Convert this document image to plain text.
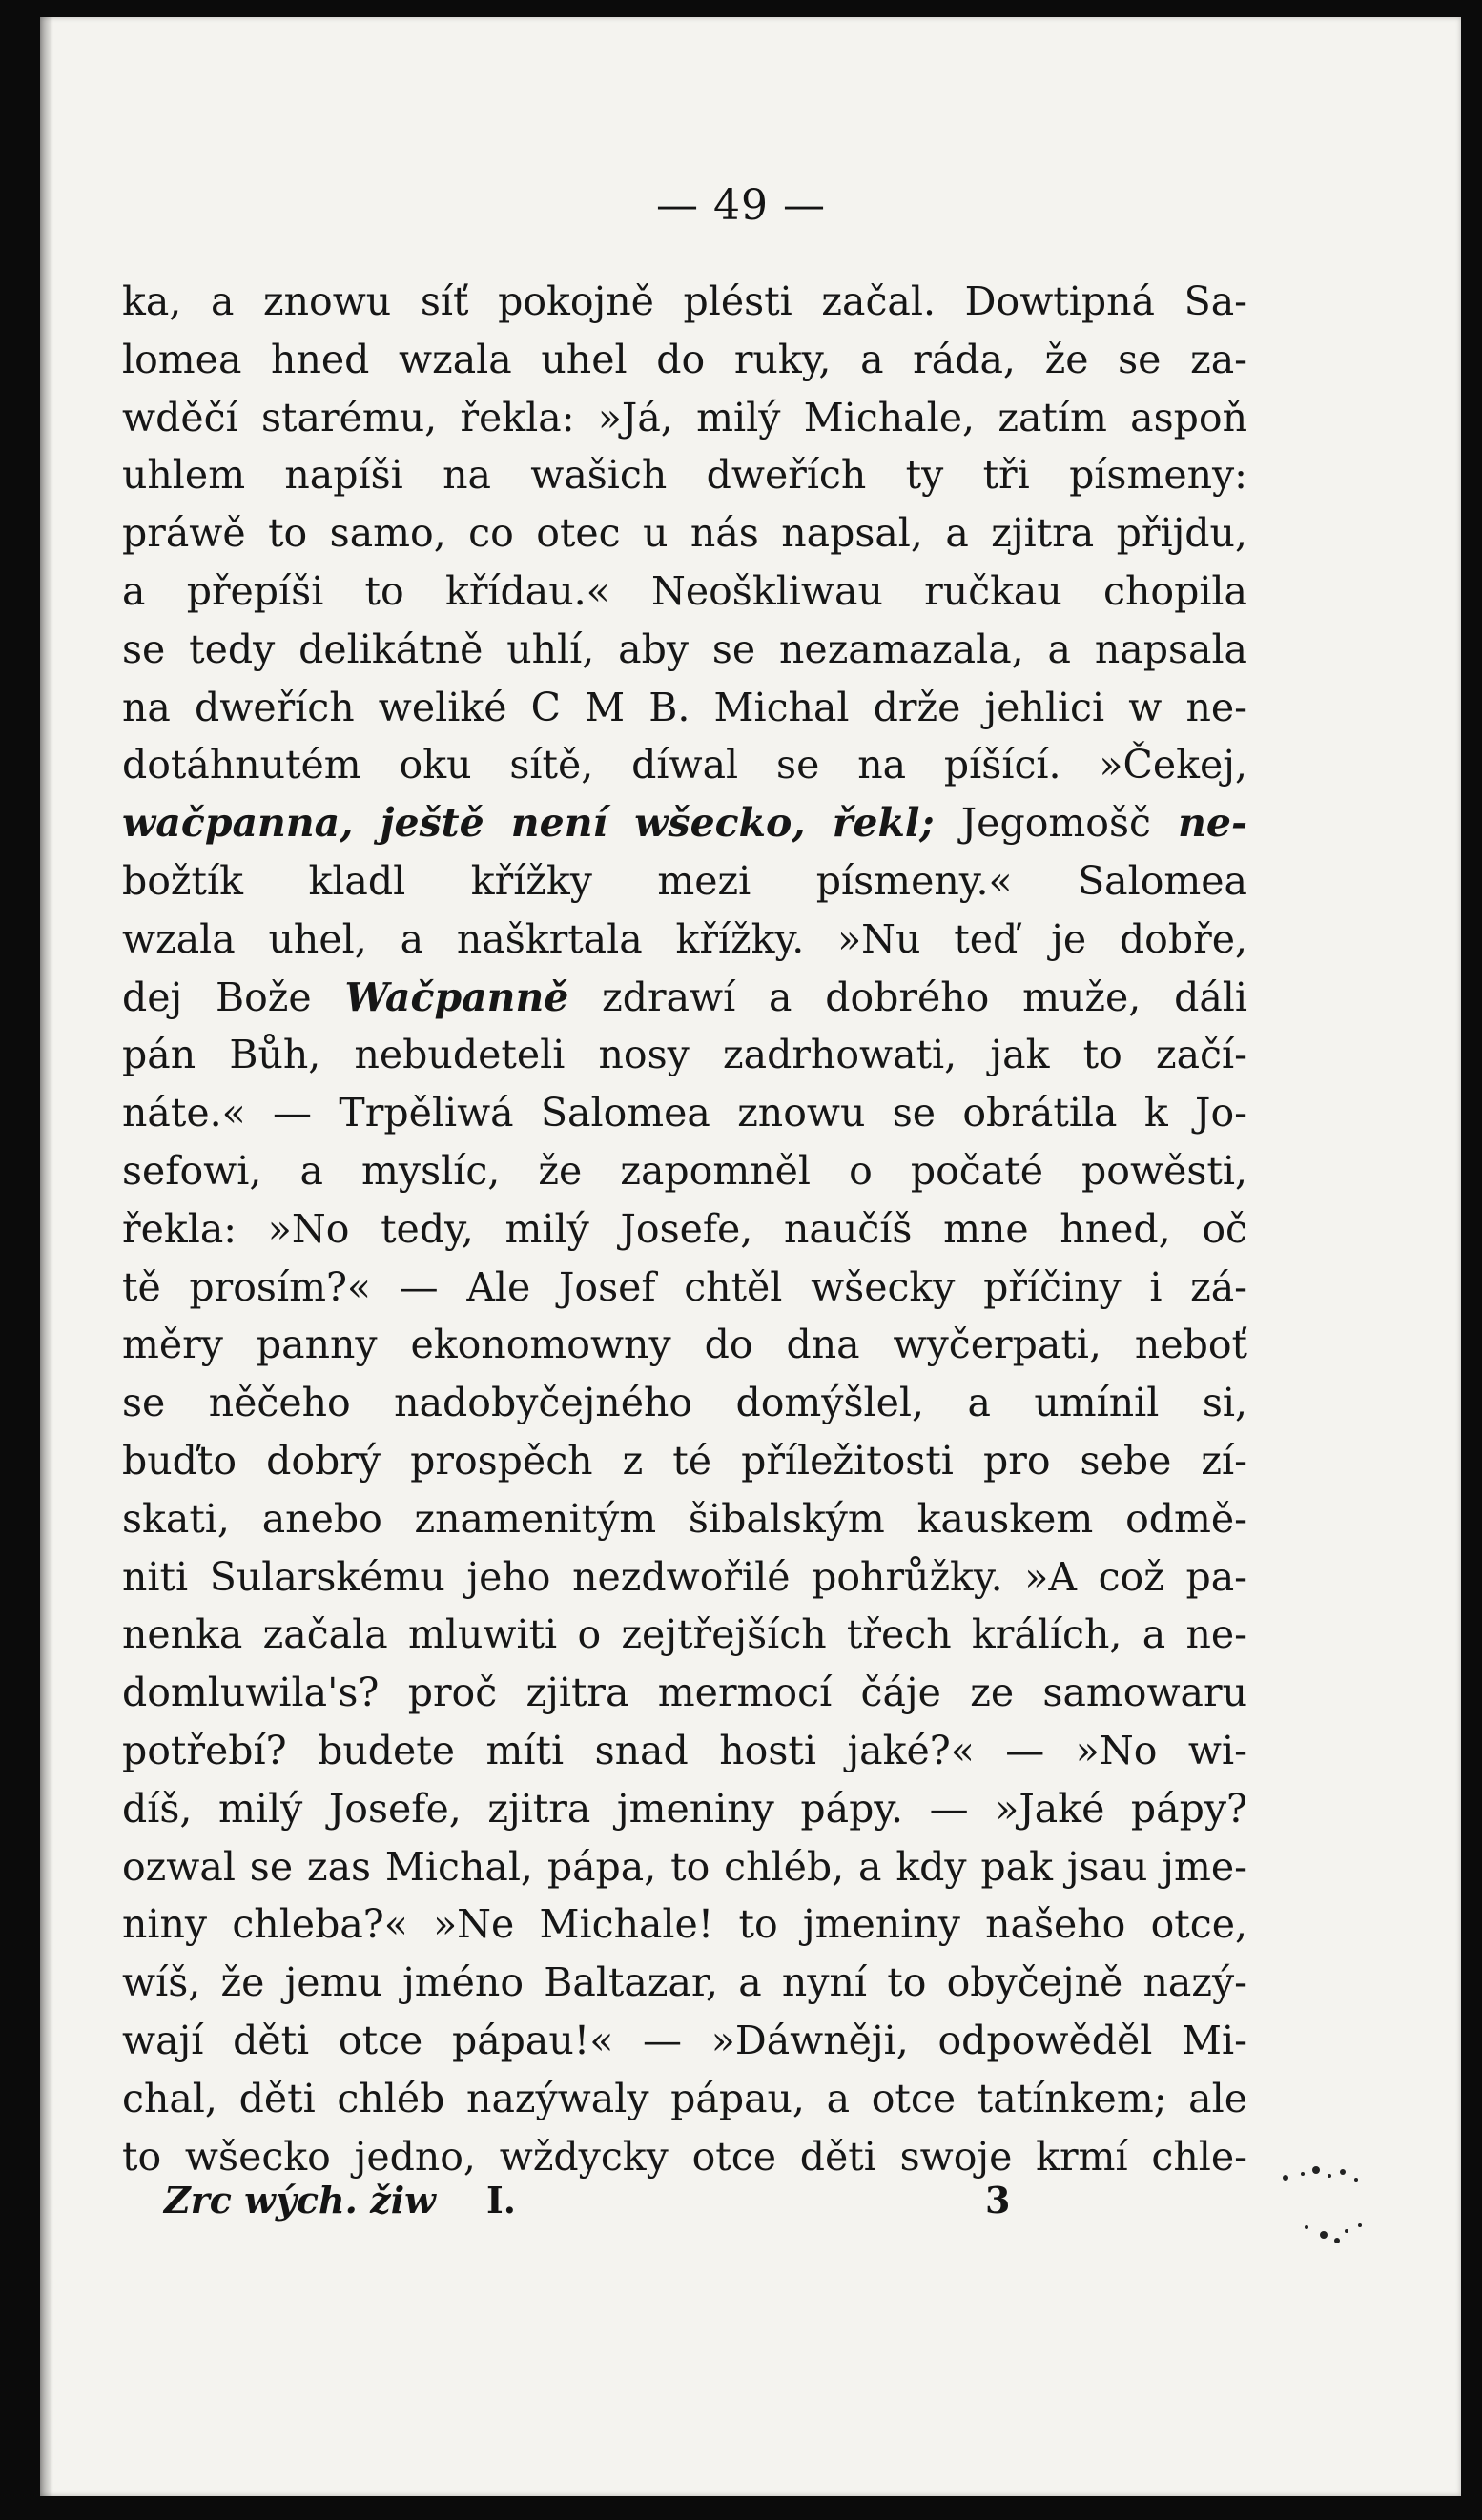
— 49 —
ka, a znowu síť pokojně plésti začal. Dowtipná Sa-
lomea hned wzala uhel do ruky, a ráda, že se za-
wděčí starému, řekla: »Já, milý Michale, zatím aspoň
uhlem napíši na wašich dweřích ty tři písmeny:
práwě to samo, co otec u nás napsal, a zjitra přijdu,
a přepíši to křídau.« Neoškliwau ručkau chopila
se tedy delikátně uhlí, aby se nezamazala, a napsala
na dweřích weliké C M B. Michal drže jehlici w ne-
dotáhnutém oku sítě, díwal se na píšící. »Čekej,
wačpanna, ještě není wšecko, řekl; Jegomošč ne-
božtík kladl křížky mezi písmeny.« Salomea
wzala uhel, a naškrtala křížky. »Nu teď je dobře,
dej Bože Wačpanně zdrawí a dobrého muže, dáli
pán Bůh, nebudeteli nosy zadrhowati, jak to začí-
náte.« — Trpěliwá Salomea znowu se obrátila k Jo-
sefowi, a myslíc, že zapomněl o počaté powěsti,
řekla: »No tedy, milý Josefe, naučíš mne hned, oč
tě prosím?« — Ale Josef chtěl wšecky příčiny i zá-
měry panny ekonomowny do dna wyčerpati, neboť
se něčeho nadobyčejného domýšlel, a umínil si,
buďto dobrý prospěch z té příležitosti pro sebe zí-
skati, anebo znamenitým šibalským kauskem odmě-
niti Sularskému jeho nezdwořilé pohrůžky. »A což pa-
nenka začala mluwiti o zejtřejších třech králích, a ne-
domluwila's? proč zjitra mermocí čáje ze samowaru
potřebí? budete míti snad hosti jaké?« — »No wi-
díš, milý Josefe, zjitra jmeniny pápy. — »Jaké pápy?
ozwal se zas Michal, pápa, to chléb, a kdy pak jsau jme-
niny chleba?« »Ne Michale! to jmeniny našeho otce,
wíš, že jemu jméno Baltazar, a nyní to obyčejně nazý-
wají děti otce pápau!« — »Dáwněji, odpowěděl Mi-
chal, děti chléb nazýwaly pápau, a otce tatínkem; ale
to wšecko jedno, wždycky otce děti swoje krmí chle-
Zrc wých. žiw I.	3
